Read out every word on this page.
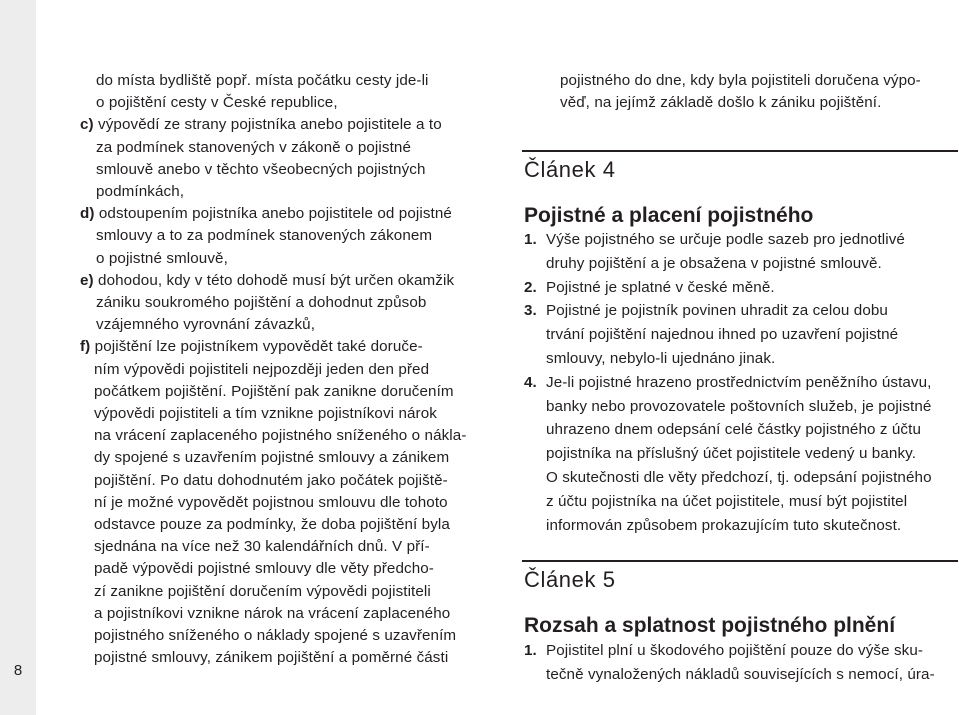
8
do místa bydliště popř. místa počátku cesty jde-li
o pojištění cesty v České republice,
c) výpovědí ze strany pojistníka anebo pojistitele a to
za podmínek stanovených v zákoně o pojistné
smlouvě anebo v těchto všeobecných pojistných
podmínkách,
d) odstoupením pojistníka anebo pojistitele od pojistné
smlouvy a to za podmínek stanovených zákonem
o pojistné smlouvě,
e) dohodou, kdy v této dohodě musí být určen okamžik
zániku soukromého pojištění a dohodnut způsob
vzájemného vyrovnání závazků,
f) pojištění lze pojistníkem vypovědět také doruče-
ním výpovědi pojistiteli nejpozději jeden den před
počátkem pojištění. Pojištění pak zanikne doručením
výpovědi pojistiteli a tím vznikne pojistníkovi nárok
na vrácení zaplaceného pojistného sníženého o náklа-
dy spojené s uzavřením pojistné smlouvy a zánikem
pojištění. Po datu dohodnutém jako počátek pojiště-
ní je možné vypovědět pojistnou smlouvu dle tohoto
odstavce pouze za podmínky, že doba pojištění byla
sjednána na více než 30 kalendářních dnů. V pří-
padě výpovědi pojistné smlouvy dle věty předcho-
zí zanikne pojištění doručením výpovědi pojistiteli
a pojistníkovi vznikne nárok na vrácení zaplaceného
pojistného sníženého o náklady spojené s uzavřením
pojistné smlouvy, zánikem pojištění a poměrné části
pojistného do dne, kdy byla pojistiteli doručena výpo-
věď, na jejímž základě došlo k zániku pojištění.
Článek 4
Pojistné a placení pojistného
1. Výše pojistného se určuje podle sazeb pro jednotlivé
druhy pojištění a je obsažena v pojistné smlouvě.
2. Pojistné je splatné v české měně.
3. Pojistné je pojistník povinen uhradit za celou dobu
trvání pojištění najednou ihned po uzavření pojistné
smlouvy, nebylo-li ujednáno jinak.
4. Je-li pojistné hrazeno prostřednictvím peněžního ústavu,
banky nebo provozovatele poštovních služeb, je pojistné
uhrazeno dnem odepsání celé částky pojistného z účtu
pojistníka na příslušný účet pojistitele vedený u banky.
O skutečnosti dle věty předchozí, tj. odepsání pojistného
z účtu pojistníka na účet pojistitele, musí být pojistitel
informován způsobem prokazujícím tuto skutečnost.
Článek 5
Rozsah a splatnost pojistného plnění
1. Pojistitel plní u škodového pojištění pouze do výše sku-
tečně vynaložených nákladů souvisejících s nemocí, úra-
